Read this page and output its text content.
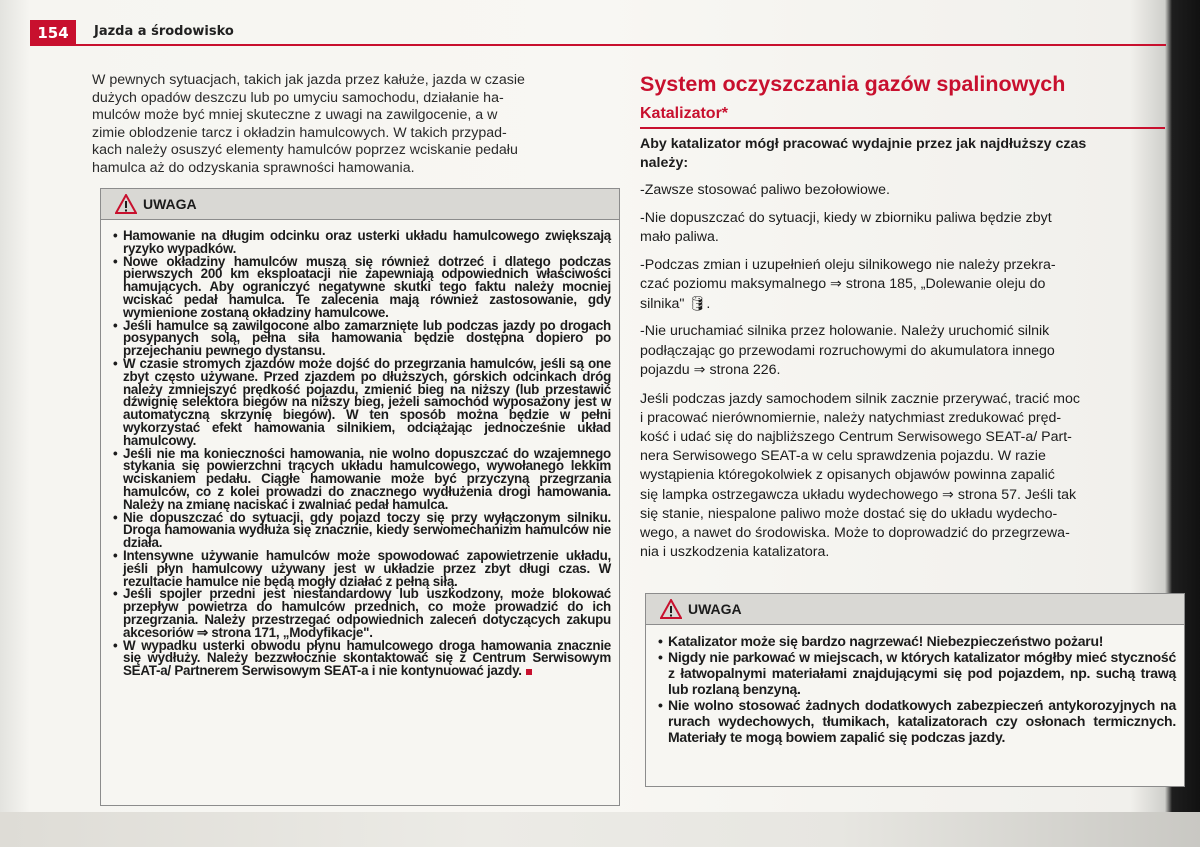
154	Jazda a środowisko

W pewnych sytuacjach, takich jak jazda przez kałuże, jazda w czasie
dużych opadów deszczu lub po umyciu samochodu, działanie ha-
mulców może być mniej skuteczne z uwagi na zawilgocenie, a w
zimie oblodzenie tarcz i okładzin hamulcowych. W takich przypad-
kach należy osuszyć elementy hamulców poprzez wciskanie pedału
hamulca aż do odzyskania sprawności hamowania.

UWAGA
• Hamowanie na długim odcinku oraz usterki układu hamulcowego zwiększają ryzyko wypadków.
• Nowe okładziny hamulców muszą się również dotrzeć i dlatego podczas pierwszych 200 km eksploatacji nie zapewniają odpowiednich właściwości hamujących. Aby ograniczyć negatywne skutki tego faktu należy mocniej wciskać pedał hamulca. Te zalecenia mają również zastosowanie, gdy wymienione zostaną okładziny hamulcowe.
• Jeśli hamulce są zawilgocone albo zamarznięte lub podczas jazdy po drogach posypanych solą, pełna siła hamowania będzie dostępna dopiero po przejechaniu pewnego dystansu.
• W czasie stromych zjazdów może dojść do przegrzania hamulców, jeśli są one zbyt często używane. Przed zjazdem po dłuższych, górskich odcinkach dróg należy zmniejszyć prędkość pojazdu, zmienić bieg na niższy (lub przestawić dźwignię selektora biegów na niższy bieg, jeżeli samochód wyposażony jest w automatyczną skrzynię biegów). W ten sposób można będzie w pełni wykorzystać efekt hamowania silnikiem, odciążając jednocześnie układ hamulcowy.
• Jeśli nie ma konieczności hamowania, nie wolno dopuszczać do wzajemnego stykania się powierzchni trących układu hamulcowego, wywołanego lekkim wciskaniem pedału. Ciągłe hamowanie może być przyczyną przegrzania hamulców, co z kolei prowadzi do znacznego wydłużenia drogi hamowania. Należy na zmianę naciskać i zwalniać pedał hamulca.
• Nie dopuszczać do sytuacji, gdy pojazd toczy się przy wyłączonym silniku. Droga hamowania wydłuża się znacznie, kiedy serwomechanizm hamulców nie działa.
• Intensywne używanie hamulców może spowodować zapowietrzenie układu, jeśli płyn hamulcowy używany jest w układzie przez zbyt długi czas. W rezultacie hamulce nie będą mogły działać z pełną siłą.
• Jeśli spojler przedni jest niestandardowy lub uszkodzony, może blokować przepływ powietrza do hamulców przednich, co może prowadzić do ich przegrzania. Należy przestrzegać odpowiednich zaleceń dotyczących zakupu akcesoriów ⇒ strona 171, „Modyfikacje".
• W wypadku usterki obwodu płynu hamulcowego droga hamowania znacznie się wydłuży. Należy bezzwłocznie skontaktować się z Centrum Serwisowym SEAT-a/ Partnerem Serwisowym SEAT-a i nie kontynuować jazdy.
System oczyszczania gazów spalinowych
Katalizator*

Aby katalizator mógł pracować wydajnie przez jak najdłuższy czas
należy:

-Zawsze stosować paliwo bezołowiowe.
-Nie dopuszczać do sytuacji, kiedy w zbiorniku paliwa będzie zbyt
mało paliwa.
-Podczas zmian i uzupełnień oleju silnikowego nie należy przekra-
czać poziomu maksymalnego ⇒ strona 185, „Dolewanie oleju do
silnika" 🛢.
-Nie uruchamiać silnika przez holowanie. Należy uruchomić silnik
podłączając go przewodami rozruchowymi do akumulatora innego
pojazdu ⇒ strona 226.

Jeśli podczas jazdy samochodem silnik zacznie przerywać, tracić moc
i pracować nierównomiernie, należy natychmiast zredukować pręd-
kość i udać się do najbliższego Centrum Serwisowego SEAT-a/ Part-
nera Serwisowego SEAT-a w celu sprawdzenia pojazdu. W razie
wystąpienia któregokolwiek z opisanych objawów powinna zapalić
się lampka ostrzegawcza układu wydechowego ⇒ strona 57. Jeśli tak
się stanie, niespalone paliwo może dostać się do układu wydecho-
wego, a nawet do środowiska. Może to doprowadzić do przegrzewa-
nia i uszkodzenia katalizatora.

UWAGA
• Katalizator może się bardzo nagrzewać! Niebezpieczeństwo pożaru!
• Nigdy nie parkować w miejscach, w których katalizator mógłby mieć styczność z łatwopalnymi materiałami znajdującymi się pod pojazdem, np. suchą trawą lub rozlaną benzyną.
• Nie wolno stosować żadnych dodatkowych zabezpieczeń antykorozyjnych na rurach wydechowych, tłumikach, katalizatorach czy osłonach termicznych. Materiały te mogą bowiem zapalić się podczas jazdy.
